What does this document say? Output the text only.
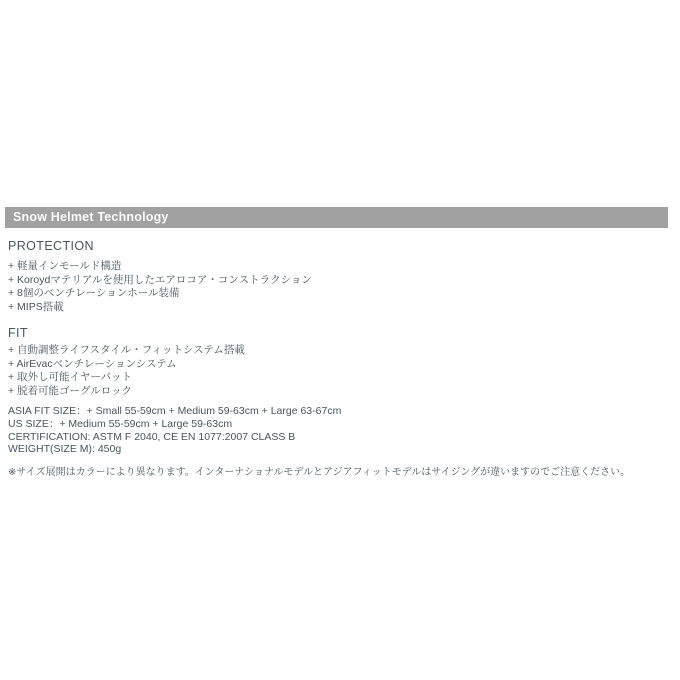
Snow Helmet Technology
PROTECTION
+ 軽量インモールド構造
+ Koroydマテリアルを使用したエアロコア・コンストラクション
+ 8個のベンチレーションホール装備
+ MIPS搭載
FIT
+ 自動調整ライフスタイル・フィットシステム搭載
+ AirEvacベンチレーションシステム
+ 取外し可能イヤーパット
+ 脱着可能ゴーグルロック
ASIA FIT SIZE：+ Small 55-59cm + Medium 59-63cm + Large 63-67cm
US SIZE：+ Medium 55-59cm + Large 59-63cm
CERTIFICATION: ASTM F 2040, CE EN 1077:2007 CLASS B
WEIGHT(SIZE M): 450g
※サイズ展開はカラーにより異なります。インターナショナルモデルとアジアフィットモデルはサイジングが違いますのでご注意ください。
